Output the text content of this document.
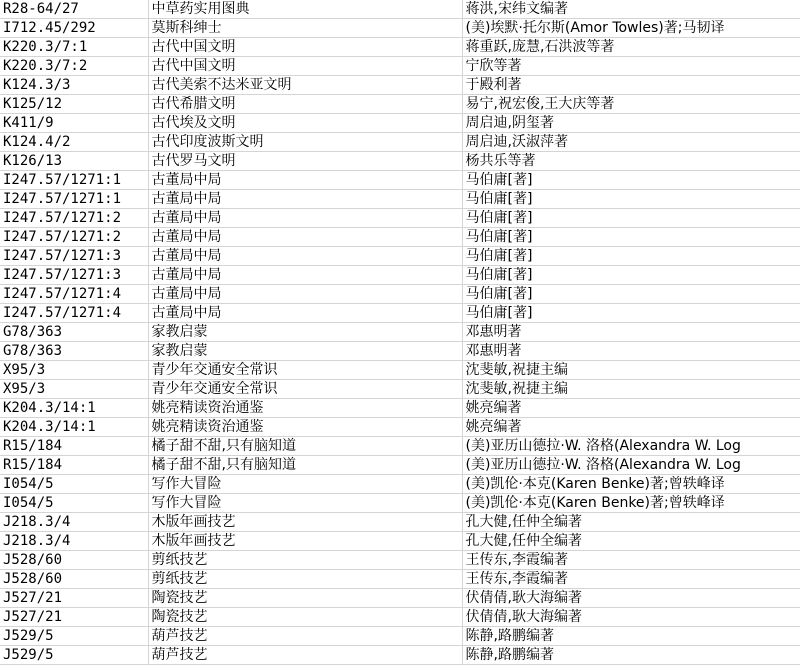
R28-64/27	中草药实用图典	蒋洪,宋纬文编著
I712.45/292	莫斯科绅士	(美)埃默·托尔斯(Amor Towles)著;马韧译
K220.3/7:1	古代中国文明	蒋重跃,庞慧,石洪波等著
K220.3/7:2	古代中国文明	宁欣等著
K124.3/3	古代美索不达米亚文明	于殿利著
K125/12	古代希腊文明	易宁,祝宏俊,王大庆等著
K411/9	古代埃及文明	周启迪,阴玺著
K124.4/2	古代印度波斯文明	周启迪,沃淑萍著
K126/13	古代罗马文明	杨共乐等著
I247.57/1271:1	古董局中局	马伯庸[著]
I247.57/1271:1	古董局中局	马伯庸[著]
I247.57/1271:2	古董局中局	马伯庸[著]
I247.57/1271:2	古董局中局	马伯庸[著]
I247.57/1271:3	古董局中局	马伯庸[著]
I247.57/1271:3	古董局中局	马伯庸[著]
I247.57/1271:4	古董局中局	马伯庸[著]
I247.57/1271:4	古董局中局	马伯庸[著]
G78/363	家教启蒙	邓惠明著
G78/363	家教启蒙	邓惠明著
X95/3	青少年交通安全常识	沈斐敏,祝捷主编
X95/3	青少年交通安全常识	沈斐敏,祝捷主编
K204.3/14:1	姚亮精读资治通鉴	姚亮编著
K204.3/14:1	姚亮精读资治通鉴	姚亮编著
R15/184	橘子甜不甜,只有脑知道	(美)亚历山德拉·W. 洛格(Alexandra W. Log
R15/184	橘子甜不甜,只有脑知道	(美)亚历山德拉·W. 洛格(Alexandra W. Log
I054/5	写作大冒险	(美)凯伦·本克(Karen Benke)著;曾轶峰译
I054/5	写作大冒险	(美)凯伦·本克(Karen Benke)著;曾轶峰译
J218.3/4	木版年画技艺	孔大健,任仲全编著
J218.3/4	木版年画技艺	孔大健,任仲全编著
J528/60	剪纸技艺	王传东,李霞编著
J528/60	剪纸技艺	王传东,李霞编著
J527/21	陶瓷技艺	伏倩倩,耿大海编著
J527/21	陶瓷技艺	伏倩倩,耿大海编著
J529/5	葫芦技艺	陈静,路鹏编著
J529/5	葫芦技艺	陈静,路鹏编著
